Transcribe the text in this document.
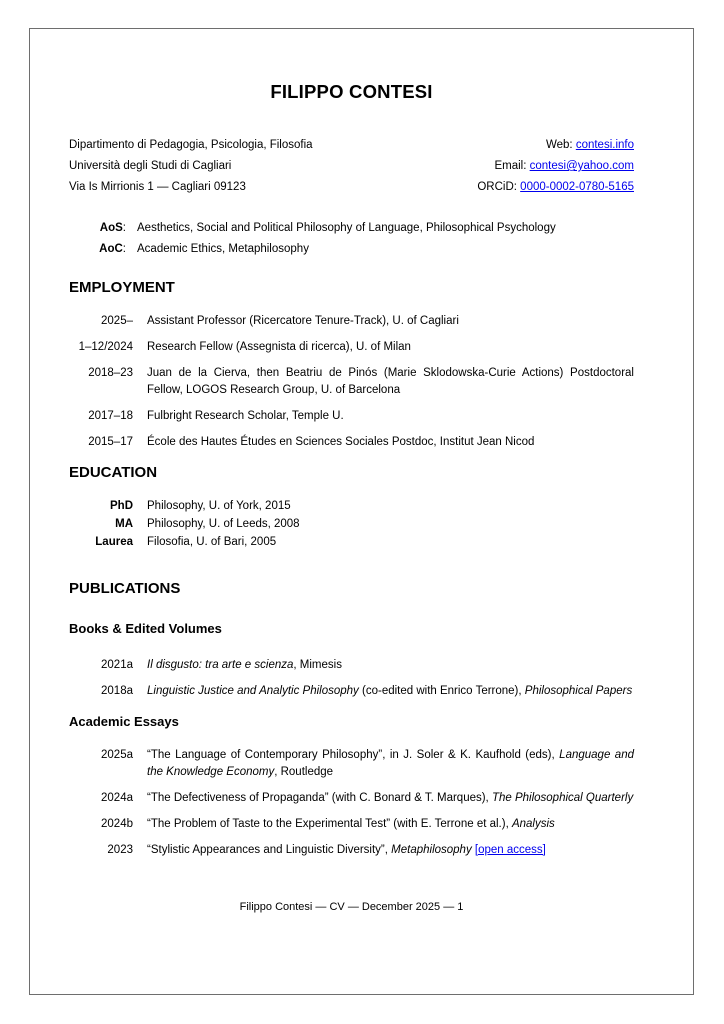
FILIPPO CONTESI
Dipartimento di Pedagogia, Psicologia, Filosofia
Università degli Studi di Cagliari
Via Is Mirrionis 1 — Cagliari 09123
Web: contesi.info
Email: contesi@yahoo.com
ORCiD: 0000-0002-0780-5165
AoS: Aesthetics, Social and Political Philosophy of Language, Philosophical Psychology

AoC: Academic Ethics, Metaphilosophy

EMPLOYMENT
2025– Assistant Professor (Ricercatore Tenure-Track), U. of Cagliari

1–12/2024 Research Fellow (Assegnista di ricerca), U. of Milan

2018–23 Juan de la Cierva, then Beatriu de Pinós (Marie Sklodowska-Curie Actions) Postdoctoral Fellow, LOGOS Research Group, U. of Barcelona

2017–18 Fulbright Research Scholar, Temple U.

2015–17 École des Hautes Études en Sciences Sociales Postdoc, Institut Jean Nicod

EDUCATION
PhD Philosophy, U. of York, 2015

MA Philosophy, U. of Leeds, 2008

Laurea Filosofia, U. of Bari, 2005

PUBLICATIONS
Books & Edited Volumes
2021a Il disgusto: tra arte e scienza, Mimesis

2018a Linguistic Justice and Analytic Philosophy (co-edited with Enrico Terrone), Philosophical Papers

Academic Essays
2025a “The Language of Contemporary Philosophy”, in J. Soler & K. Kaufhold (eds), Language and the Knowledge Economy, Routledge

2024a “The Defectiveness of Propaganda” (with C. Bonard & T. Marques), The Philosophical Quarterly

2024b “The Problem of Taste to the Experimental Test” (with E. Terrone et al.), Analysis

2023 “Stylistic Appearances and Linguistic Diversity”, Metaphilosophy [open access]

Filippo Contesi — CV — December 2025 — 1
